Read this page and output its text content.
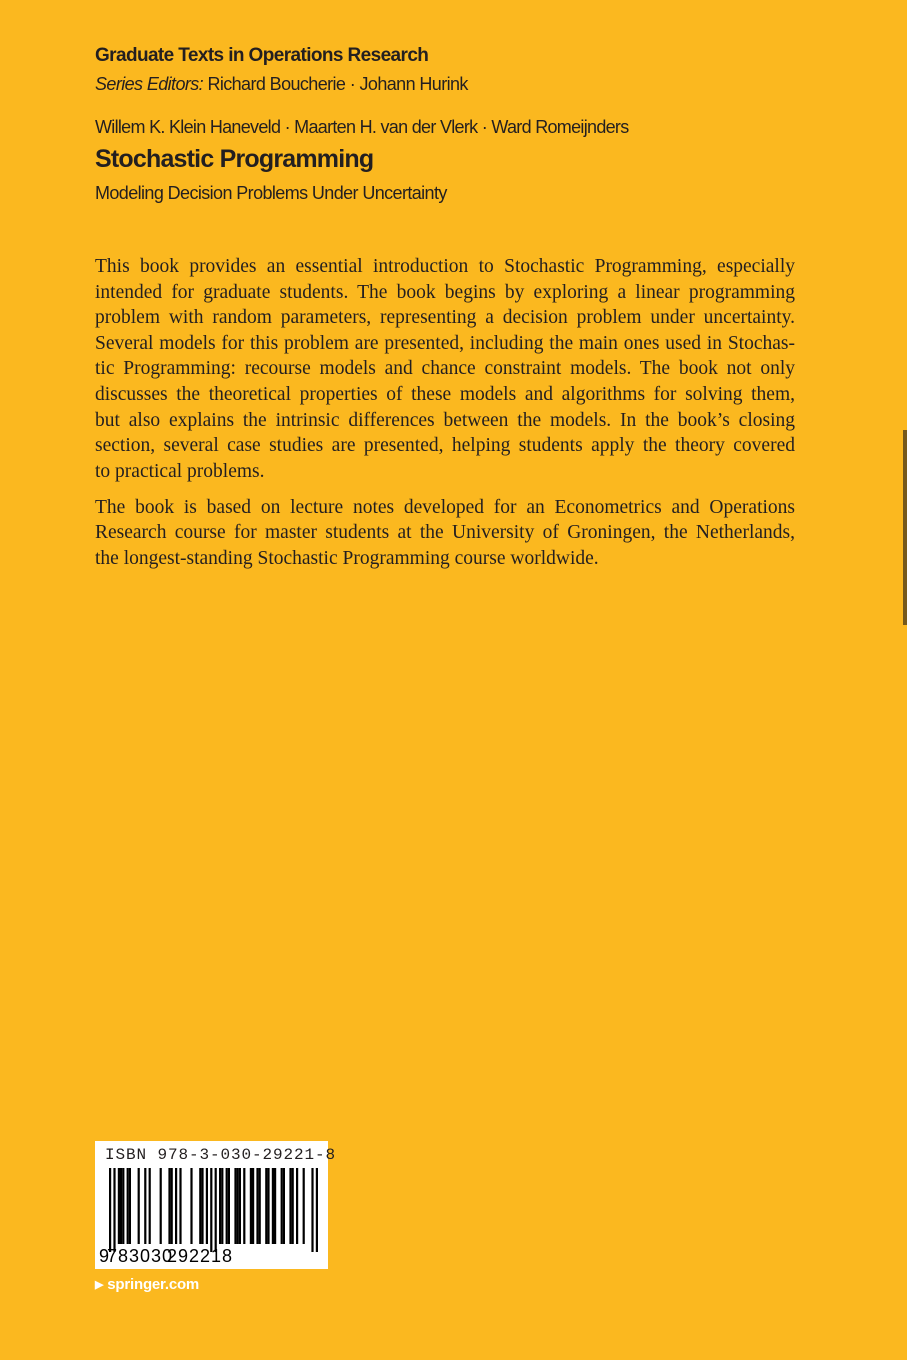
Graduate Texts in Operations Research
Series Editors: Richard Boucherie · Johann Hurink
Willem K. Klein Haneveld · Maarten H. van der Vlerk · Ward Romeijnders
Stochastic Programming
Modeling Decision Problems Under Uncertainty
This book provides an essential introduction to Stochastic Programming, especially
intended for graduate students. The book begins by exploring a linear programming
problem with random parameters, representing a decision problem under uncertainty.
Several models for this problem are presented, including the main ones used in Stochas-
tic Programming: recourse models and chance constraint models. The book not only
discusses the theoretical properties of these models and algorithms for solving them,
but also explains the intrinsic differences between the models. In the book’s closing
section, several case studies are presented, helping students apply the theory covered
to practical problems.
The book is based on lecture notes developed for an Econometrics and Operations
Research course for master students at the University of Groningen, the Netherlands,
the longest-standing Stochastic Programming course worldwide.
ISBN 978-3-030-29221-8
9
783030
292218
▶ springer.com
